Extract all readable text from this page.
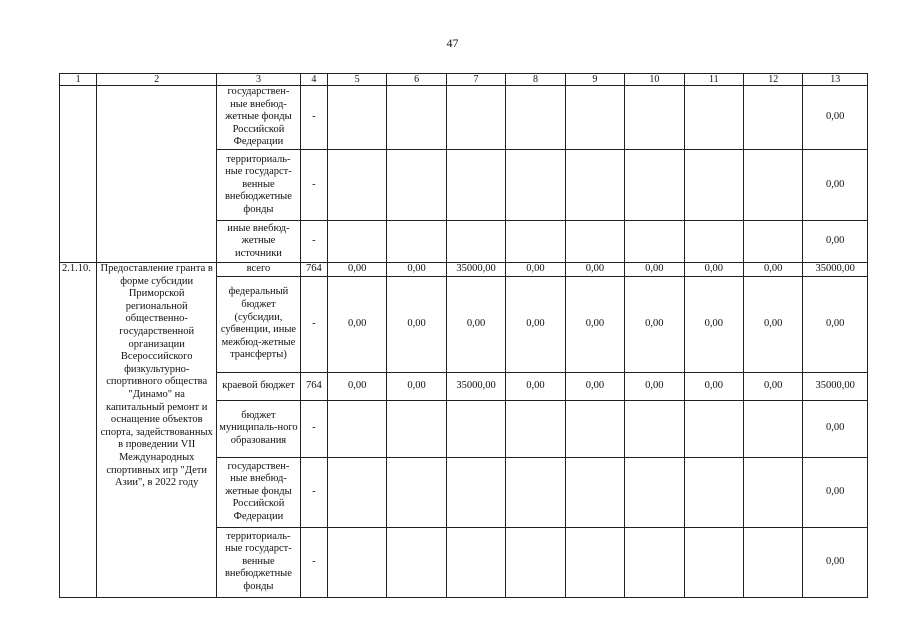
47
1	2	3	4	5	6	7	8	9	10	11	12	13
		государствен-ные внебюд-жетные фонды Российской Федерации	-									0,00
		территориаль-ные государст-венные внебюджетные фонды	-									0,00
		иные внебюд-жетные источники	-									0,00
2.1.10.	Предоставление гранта в форме субсидии Приморской региональной общественно-государственной организации Всероссийского физкультурно-спортивного общества "Динамо" на капитальный ремонт и оснащение объектов спорта, задействованных в проведении VII Международных спортивных игр "Дети Азии", в 2022 году	всего	764	0,00	0,00	35000,00	0,00	0,00	0,00	0,00	0,00	35000,00
		федеральный бюджет (субсидии, субвенции, иные межбюд-жетные трансферты)	-	0,00	0,00	0,00	0,00	0,00	0,00	0,00	0,00	0,00
		краевой бюджет	764	0,00	0,00	35000,00	0,00	0,00	0,00	0,00	0,00	35000,00
		бюджет муниципаль-ного образования	-									0,00
		государствен-ные внебюд-жетные фонды Российской Федерации	-									0,00
		территориаль-ные государст-венные внебюджетные фонды	-									0,00
